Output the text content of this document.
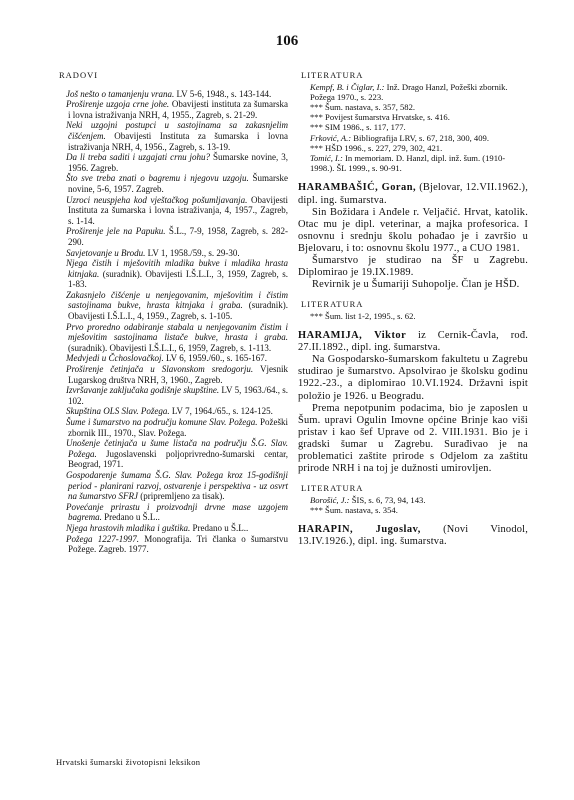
106
RADOVI

Još nešto o tamanjenju vrana. LV 5-6, 1948., s. 143-144.

Proširenje uzgoja crne johe. Obavijesti instituta za šumarska i lovna istraživanja NRH, 4, 1955., Zagreb, s. 21-29.

Neki uzgojni postupci u sastojinama sa zakasnjelim čišćenjem. Obavijesti Instituta za šumarska i lovna istraživanja NRH, 4, 1956., Zagreb, s. 13-19.

Da li treba saditi i uzgajati crnu johu? Šumarske novine, 3, 1956. Zagreb.

Što sve treba znati o bagremu i njegovu uzgoju. Šumarske novine, 5-6, 1957. Zagreb.

Uzroci neuspjeha kod vještačkog pošumljavanja. Obavijesti Instituta za šumarska i lovna istraživanja, 4, 1957., Zagreb, s. 1-14.

Proširenje jele na Papuku. Š.L., 7-9, 1958, Zagreb, s. 282-290.

Savjetovanje u Brodu. LV 1, 1958./59., s. 29-30.

Njega čistih i mješovitih mladika bukve i mladika hrasta kitnjaka. (suradnik). Obavijesti I.Š.L.I., 3, 1959, Zagreb, s. 1-83.

Zakasnjelo čišćenje u nenjegovanim, mješovitim i čistim sastojinama bukve, hrasta kitnjaka i graba. (suradnik). Obavijesti I.Š.L.I., 4, 1959., Zagreb, s. 1-105.

Prvo proredno odabiranje stabala u nenjegovanim čistim i mješovitim sastojinama listače bukve, hrasta i graba. (suradnik). Obavijesti I.Š.L.I., 6, 1959, Zagreb, s. 1-113.

Medvjedi u Čchoslovačkoj. LV 6, 1959./60., s. 165-167.

Proširenje četinjača u Slavonskom sredogorju. Vjesnik Lugarskog društva NRH, 3, 1960., Zagreb.

Izvršavanje zaključaka godišnje skupštine. LV 5, 1963./64., s. 102.

Skupština OLS Slav. Požega. LV 7, 1964./65., s. 124-125.

Šume i šumarstvo na području komune Slav. Požega. Požeški zbornik III., 1970., Slav. Požega.

Unošenje četinjača u šume listača na području Š.G. Slav. Požega. Jugoslavenski poljoprivredno-šumarski centar, Beograd, 1971.

Gospodarenje šumama Š.G. Slav. Požega kroz 15-godišnji period - planirani razvoj, ostvarenje i perspektiva - uz osvrt na šumarstvo SFRJ (pripremljeno za tisak).

Povećanje prirastu i proizvodnji drvne mase uzgojem bagrema. Predano u Š.L..

Njega hrastovih mladika i guštika. Predano u Š.L..

Požega 1227-1997. Monografija. Tri članka o šumarstvu Požege. Zagreb. 1977.

LITERATURA
Kempf, B. i Čiglar, I.: Inž. Drago Hanzl, Požeški zbornik. Požega 1970., s. 223.
*** Šum. nastava, s. 357, 582.
*** Povijest šumarstva Hrvatske, s. 416.
*** SIM 1986., s. 117, 177.
Frković, A.: Bibliografija LRV, s. 67, 218, 300, 409.
*** HŠD 1996., s. 227, 279, 302, 421.
Tomić, I.: In memoriam. D. Hanzl, dipl. inž. šum. (1910-1998.). ŠL 1999., s. 90-91.

HARAMBAŠIĆ, Goran, (Bjelovar, 12.VII.1962.), dipl. ing. šumarstva.

Sin Božidara i Anđele r. Veljačić. Hrvat, katolik. Otac mu je dipl. veterinar, a majka profesorica. I osnovnu i srednju školu pohađao je i završio u Bjelovaru, i to: osnovnu školu 1977., a CUO 1981.

Šumarstvo je studirao na ŠF u Zagrebu. Diplomirao je 19.IX.1989.

Revirnik je u Šumariji Suhopolje. Član je HŠD.

LITERATURA
*** Šum. list 1-2, 1995., s. 62.

HARAMIJA, Viktor iz Cernik-Čavla, rođ. 27.II.1892., dipl. ing. šumarstva.

Na Gospodarsko-šumarskom fakultetu u Zagrebu studirao je šumarstvo. Apsolvirao je školsku godinu 1922.-23., a diplomirao 10.VI.1924. Državni ispit položio je 1926. u Beogradu.

Prema nepotpunim podacima, bio je zaposlen u Šum. upravi Ogulin Imovne općine Brinje kao viši pristav i kao šef Uprave od 2. VIII.1931. Bio je i gradski šumar u Zagrebu. Surađivao je na problematici zaštite prirode s Odjelom za zaštitu prirode NRH i na toj je dužnosti umirovljen.

LITERATURA
Borošić, J.: ŠIS, s. 6, 73, 94, 143.
*** Šum. nastava, s. 354.

HARAPIN, Jugoslav, (Novi Vinodol, 13.IV.1926.), dipl. ing. šumarstva.

Hrvatski šumarski životopisni leksikon
